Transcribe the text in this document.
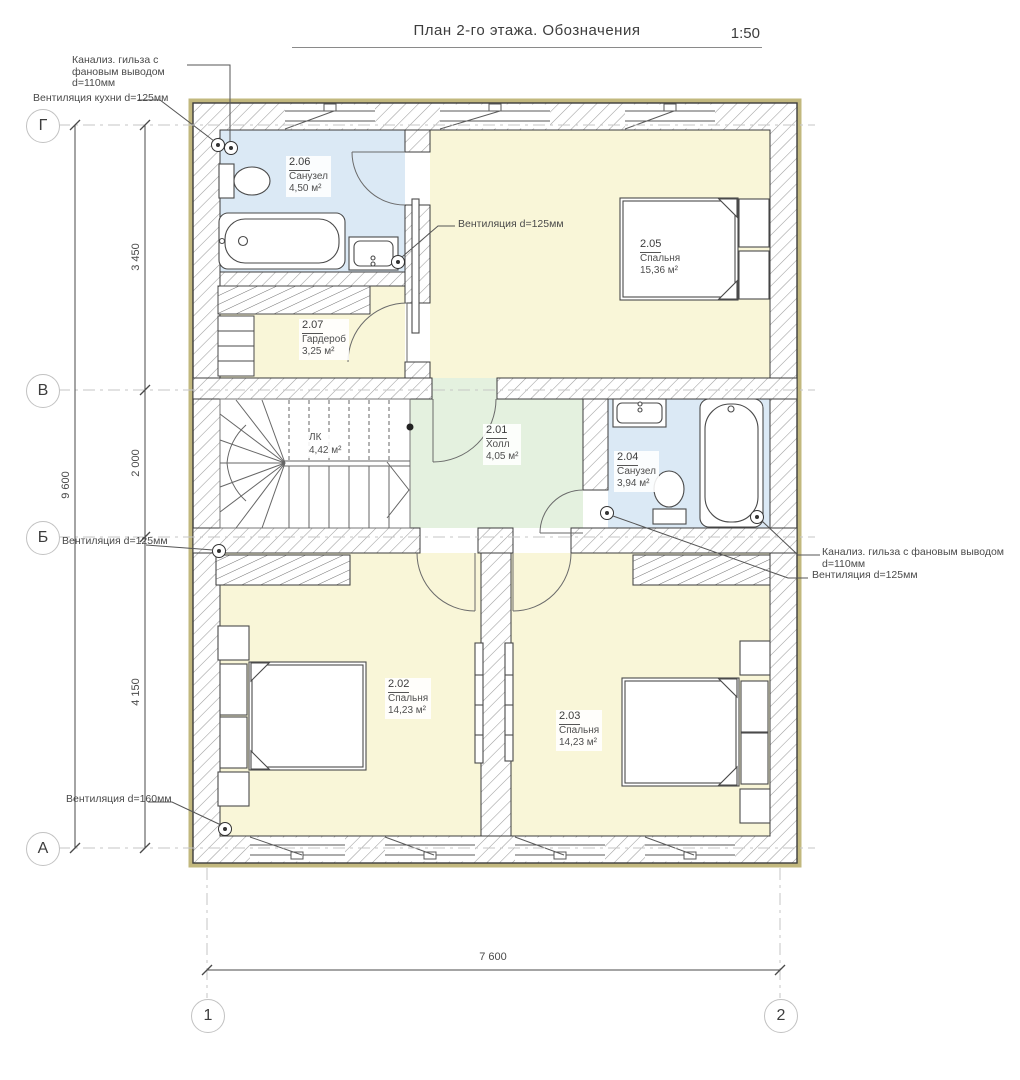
План 2-го этажа. Обозначения	1:50
Г
В
Б
А
1	2
9 600
3 450
2 000
4 150
7 600
Канализ. гильза с фановым выводом d=110мм
Вентиляция кухни d=125мм
Вентиляция d=125мм
Вентиляция d=125мм
Канализ. гильза с фановым выводом d=110мм
Вентиляция d=125мм
Вентиляция d=160мм
2.01
Холл
4,05 м²
2.02
Спальня
14,23 м²	2.03
Спальня
14,23 м²
2.04
Санузел
3,94 м²
2.05
Спальня
15,36 м²
2.06
Санузел
4,50 м²
2.07
Гардероб
3,25 м²
ЛК
4,42 м²
